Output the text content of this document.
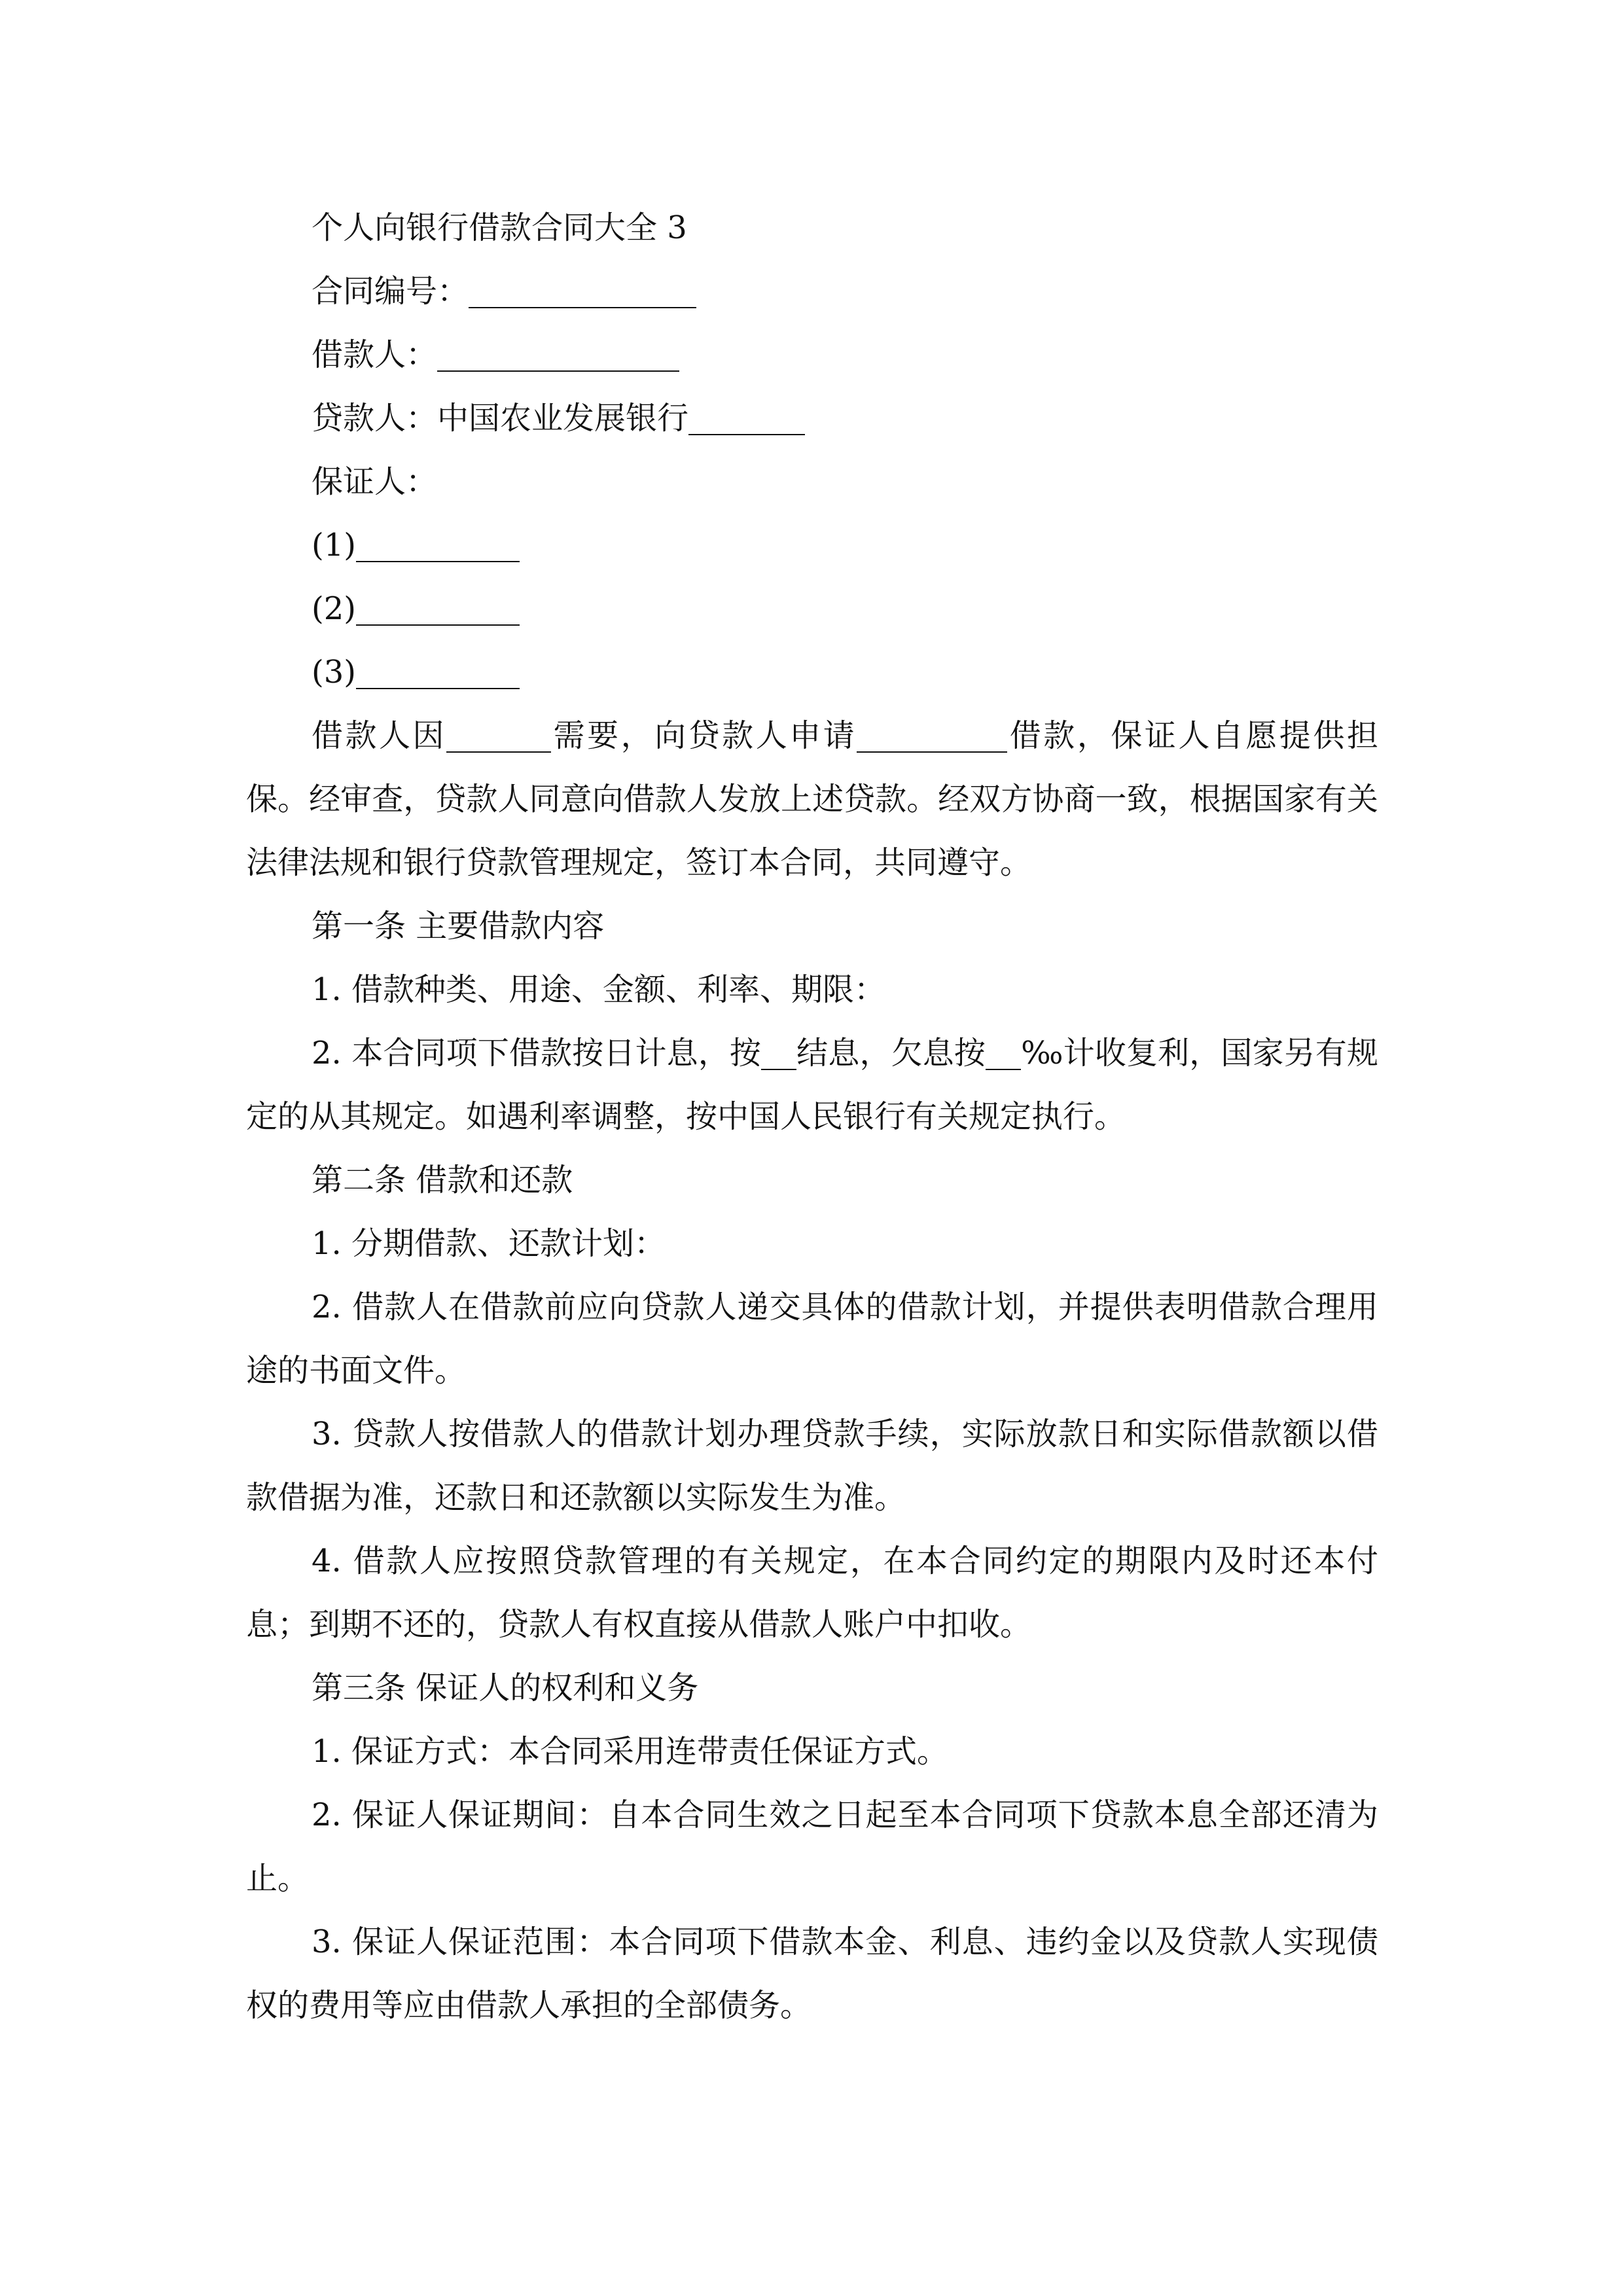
个人向银行借款合同大全 3

合同编号：

借款人：

贷款人：中国农业发展银行

保证人：

(1)

(2)

(3)

借款人因	需要，向贷款人申请	借款，保证人自愿提供担保。经审查，贷款人同意向借款人发放上述贷款。经双方协商一致，根据国家有关法律法规和银行贷款管理规定，签订本合同，共同遵守。

第一条 主要借款内容

1. 借款种类、用途、金额、利率、期限：

2. 本合同项下借款按日计息，按 结息，欠息按 ‰计收复利，国家另有规定的从其规定。如遇利率调整，按中国人民银行有关规定执行。

第二条 借款和还款

1. 分期借款、还款计划：

2. 借款人在借款前应向贷款人递交具体的借款计划，并提供表明借款合理用途的书面文件。

3. 贷款人按借款人的借款计划办理贷款手续，实际放款日和实际借款额以借款借据为准，还款日和还款额以实际发生为准。

4. 借款人应按照贷款管理的有关规定，在本合同约定的期限内及时还本付息；到期不还的，贷款人有权直接从借款人账户中扣收。

第三条 保证人的权利和义务

1. 保证方式：本合同采用连带责任保证方式。

2. 保证人保证期间：自本合同生效之日起至本合同项下贷款本息全部还清为止。

3. 保证人保证范围：本合同项下借款本金、利息、违约金以及贷款人实现债权的费用等应由借款人承担的全部债务。
